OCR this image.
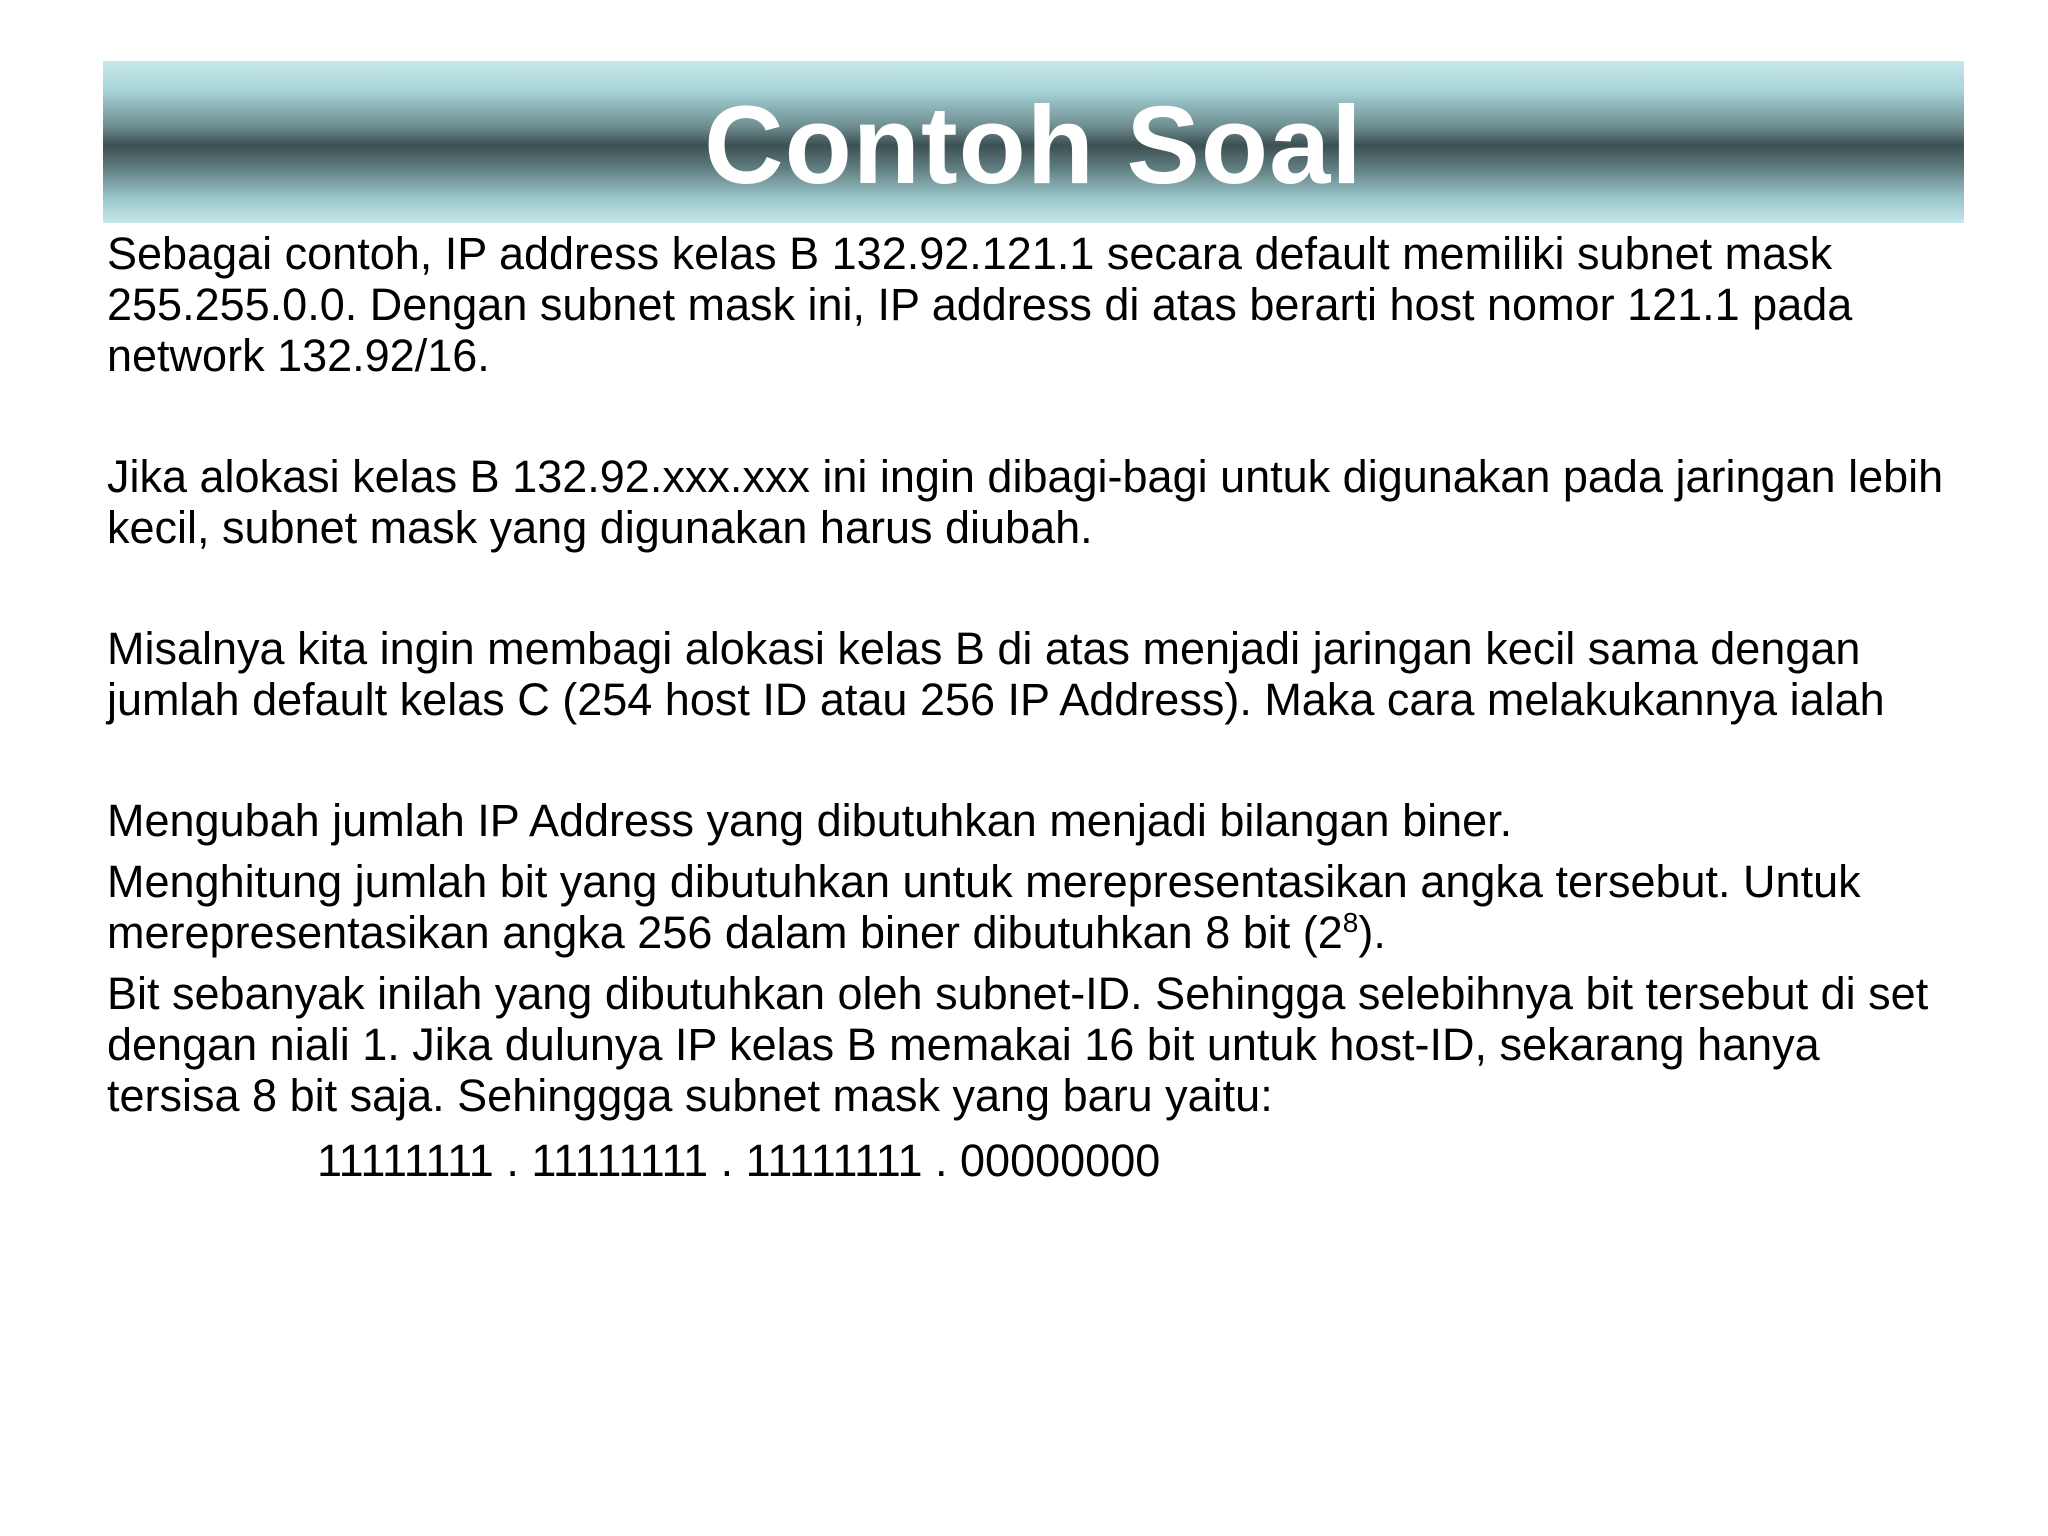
Contoh Soal

Sebagai contoh, IP address kelas B 132.92.121.1 secara default memiliki subnet mask 255.255.0.0. Dengan subnet mask ini, IP address di atas berarti host nomor 121.1 pada network 132.92/16.

Jika alokasi kelas B 132.92.xxx.xxx ini ingin dibagi-bagi untuk digunakan pada jaringan lebih kecil, subnet mask yang digunakan harus diubah.

Misalnya kita ingin membagi alokasi kelas B di atas menjadi jaringan kecil sama dengan jumlah default kelas C (254 host ID atau 256 IP Address). Maka cara melakukannya ialah

Mengubah jumlah IP Address yang dibutuhkan menjadi bilangan biner.

Menghitung jumlah bit yang dibutuhkan untuk merepresentasikan angka tersebut. Untuk merepresentasikan angka 256 dalam biner dibutuhkan 8 bit $(2^8)$.

Bit sebanyak inilah yang dibutuhkan oleh subnet-ID. Sehingga selebihnya bit tersebut di set dengan niali 1. Jika dulunya IP kelas B memakai 16 bit untuk host-ID, sekarang hanya tersisa 8 bit saja. Sehinggga subnet mask yang baru yaitu:

11111111 . 11111111 . 11111111 . 00000000
